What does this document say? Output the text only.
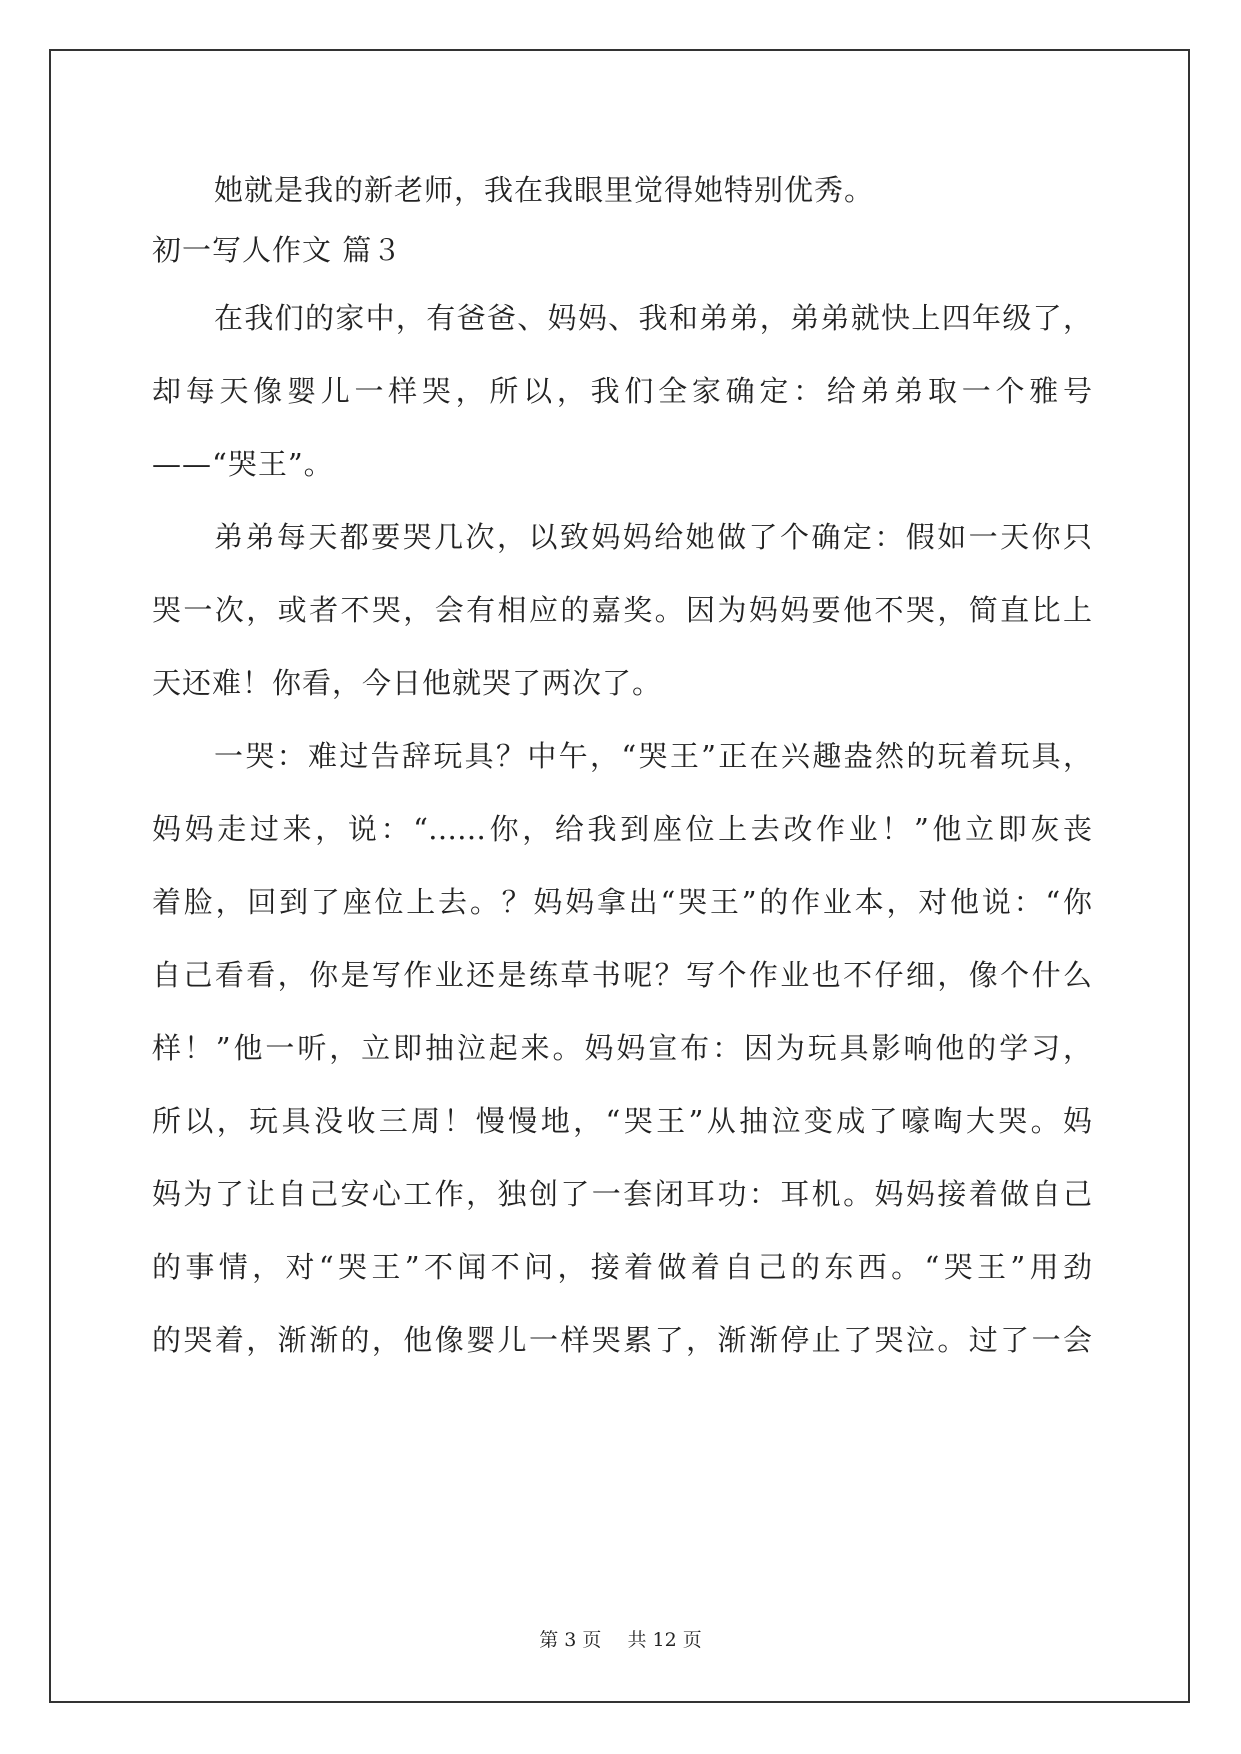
她就是我的新老师，我在我眼里觉得她特别优秀。
初一写人作文 篇３
在我们的家中，有爸爸、妈妈、我和弟弟，弟弟就快上四年级了，
却每天像婴儿一样哭，所以，我们全家确定：给弟弟取一个雅号
——“哭王”。
弟弟每天都要哭几次，以致妈妈给她做了个确定：假如一天你只
哭一次，或者不哭，会有相应的嘉奖。因为妈妈要他不哭，简直比上
天还难！你看，今日他就哭了两次了。
一哭：难过告辞玩具？中午，“哭王”正在兴趣盎然的玩着玩具，
妈妈走过来，说：“……你，给我到座位上去改作业！”他立即灰丧
着脸，回到了座位上去。？妈妈拿出“哭王”的作业本，对他说：“你
自己看看，你是写作业还是练草书呢？写个作业也不仔细，像个什么
样！”他一听，立即抽泣起来。妈妈宣布：因为玩具影响他的学习，
所以，玩具没收三周！慢慢地，“哭王”从抽泣变成了嚎啕大哭。妈
妈为了让自己安心工作，独创了一套闭耳功：耳机。妈妈接着做自己
的事情，对“哭王”不闻不问，接着做着自己的东西。“哭王”用劲
的哭着，渐渐的，他像婴儿一样哭累了，渐渐停止了哭泣。过了一会
第 3 页 共 12 页
